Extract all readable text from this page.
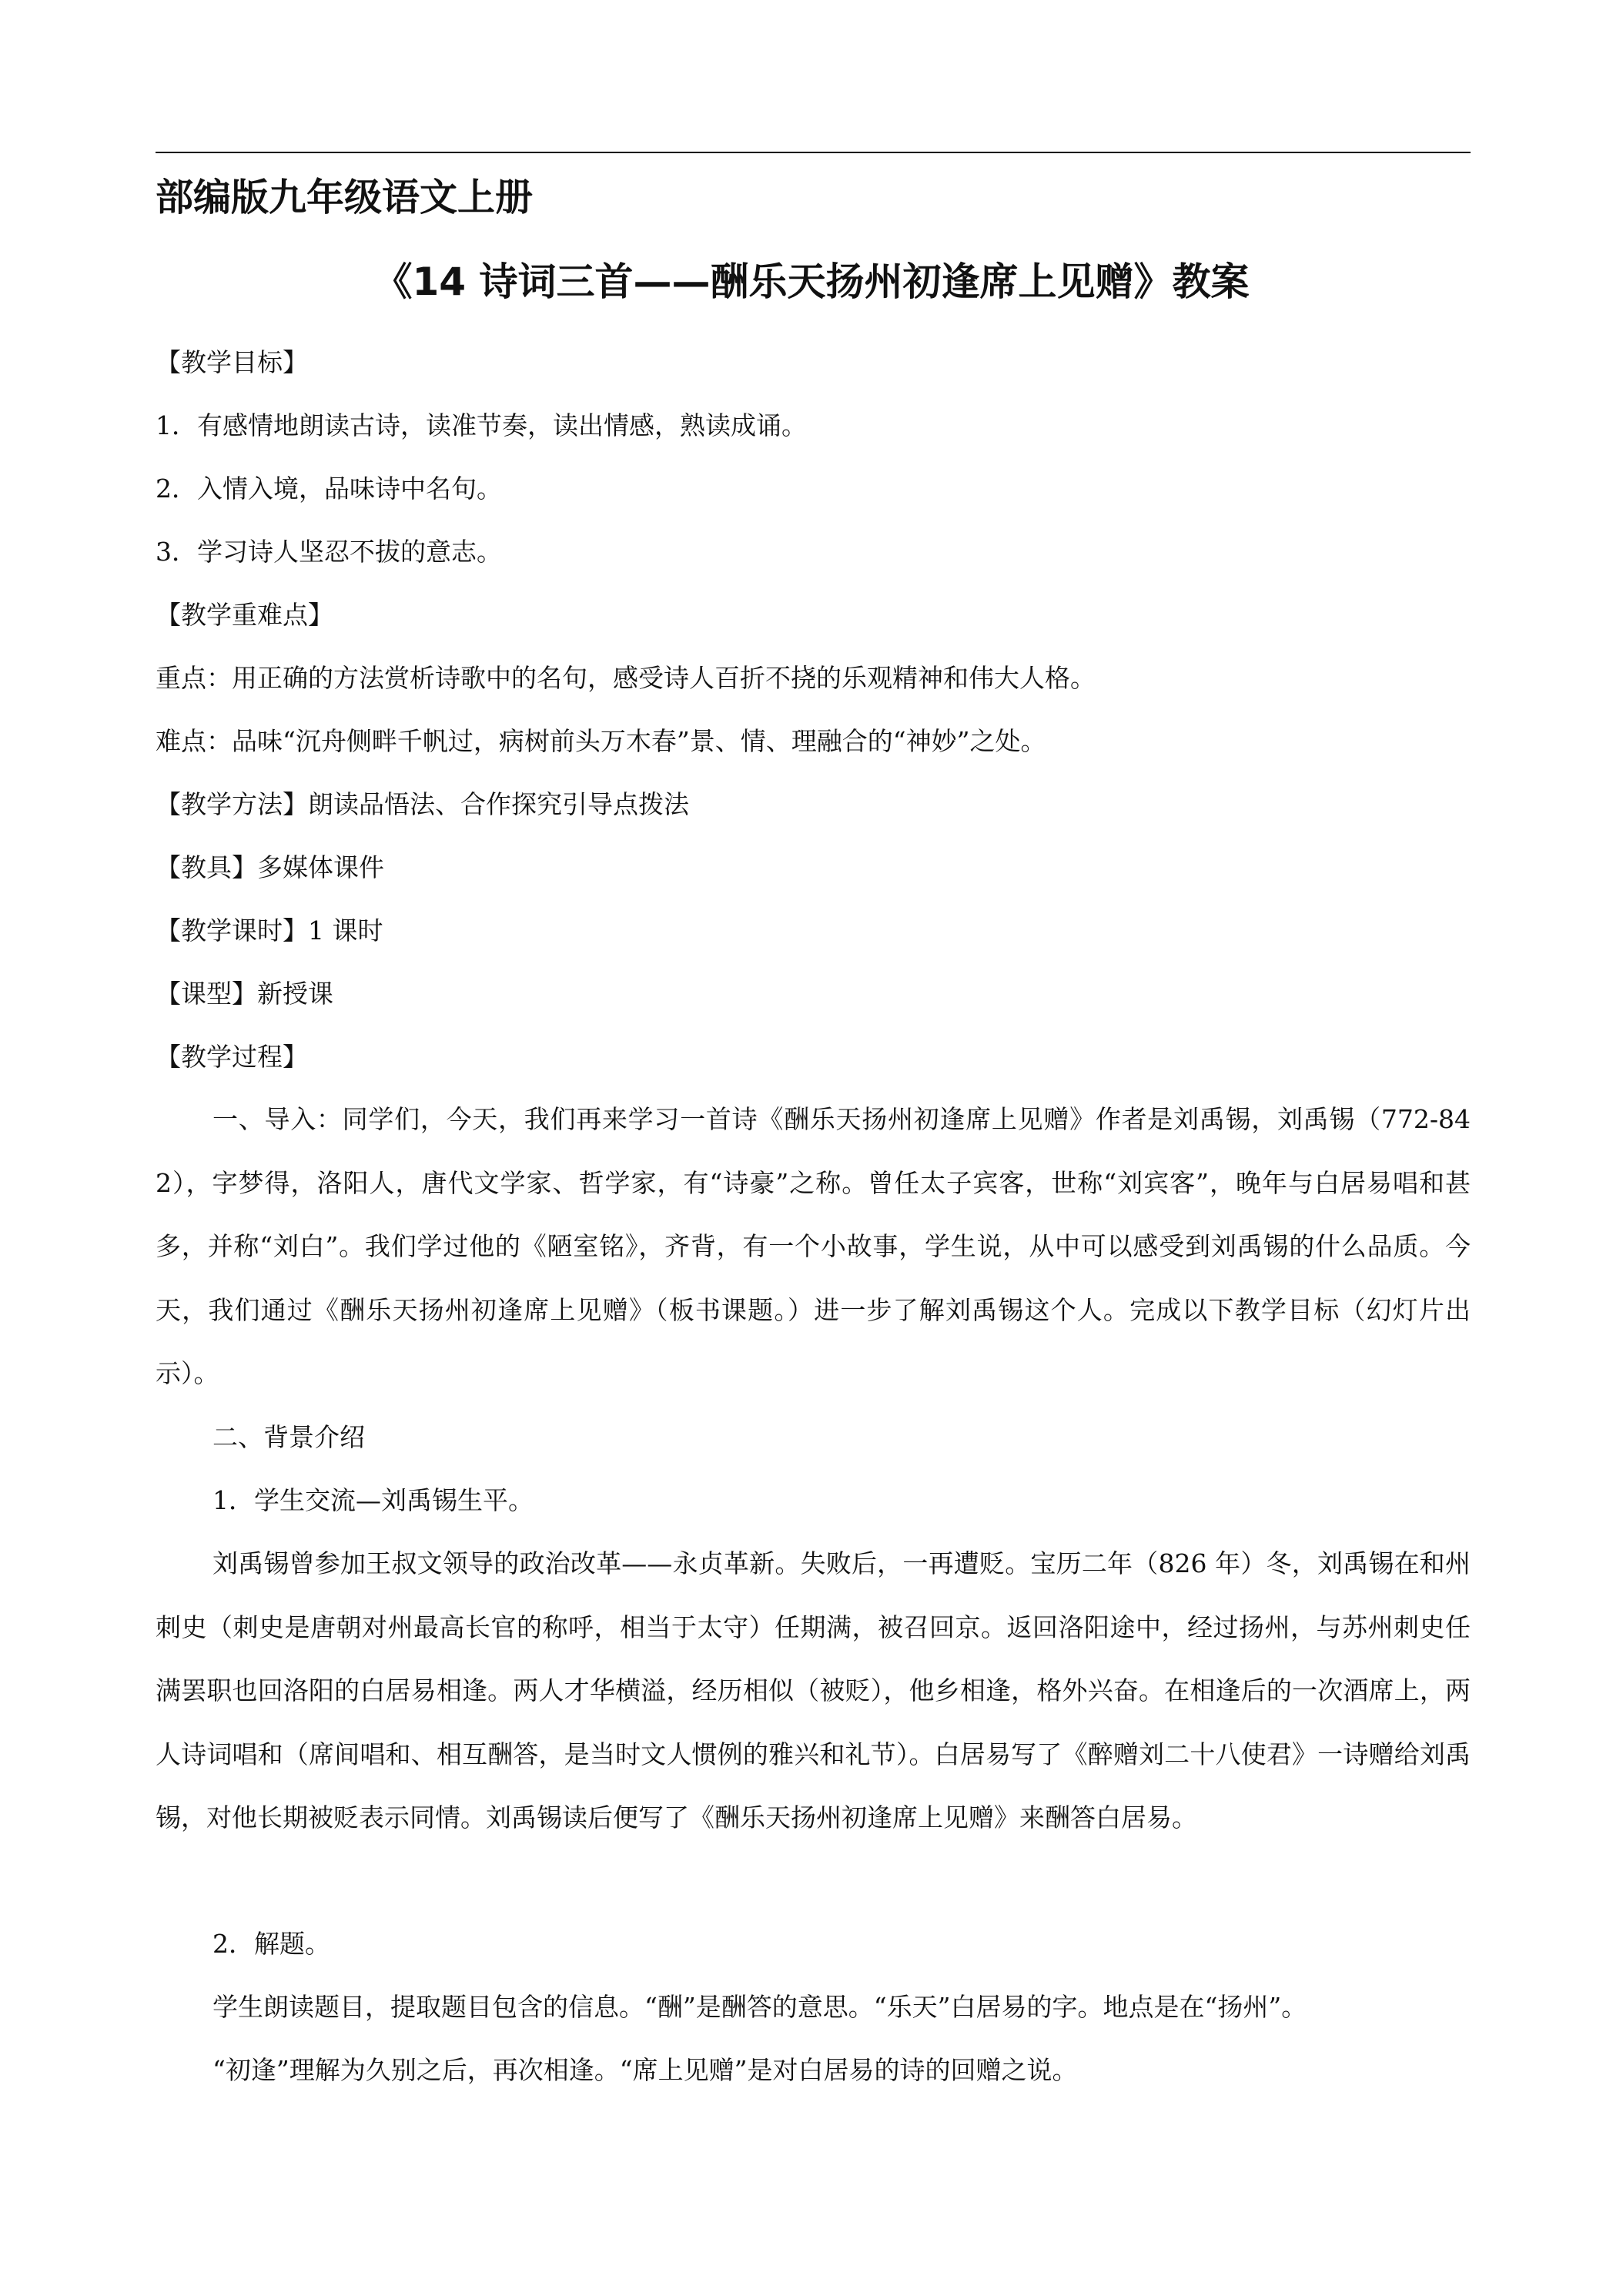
部编版九年级语文上册
《14 诗词三首——酬乐天扬州初逢席上见赠》教案
【教学目标】
1．有感情地朗读古诗，读准节奏，读出情感，熟读成诵。
2．入情入境，品味诗中名句。
3．学习诗人坚忍不拔的意志。
【教学重难点】
重点：用正确的方法赏析诗歌中的名句，感受诗人百折不挠的乐观精神和伟大人格。
难点：品味“沉舟侧畔千帆过，病树前头万木春”景、情、理融合的“神妙”之处。
【教学方法】朗读品悟法、合作探究引导点拨法
【教具】多媒体课件
【教学课时】1 课时
【课型】新授课
【教学过程】
一、导入：同学们，今天，我们再来学习一首诗《酬乐天扬州初逢席上见赠》作者是刘禹锡，刘禹锡（772-842），字梦得，洛阳人，唐代文学家、哲学家，有“诗豪”之称。曾任太子宾客，世称“刘宾客”，晚年与白居易唱和甚多，并称“刘白”。我们学过他的《陋室铭》，齐背，有一个小故事，学生说，从中可以感受到刘禹锡的什么品质。今天，我们通过《酬乐天扬州初逢席上见赠》（板书课题。）进一步了解刘禹锡这个人。完成以下教学目标（幻灯片出示）。
二、背景介绍
1．学生交流—刘禹锡生平。
刘禹锡曾参加王叔文领导的政治改革——永贞革新。失败后，一再遭贬。宝历二年（826 年）冬，刘禹锡在和州刺史（刺史是唐朝对州最高长官的称呼，相当于太守）任期满，被召回京。返回洛阳途中，经过扬州，与苏州刺史任满罢职也回洛阳的白居易相逢。两人才华横溢，经历相似（被贬），他乡相逢，格外兴奋。在相逢后的一次酒席上，两人诗词唱和（席间唱和、相互酬答，是当时文人惯例的雅兴和礼节）。白居易写了《醉赠刘二十八使君》一诗赠给刘禹锡，对他长期被贬表示同情。刘禹锡读后便写了《酬乐天扬州初逢席上见赠》来酬答白居易。
2．解题。
学生朗读题目，提取题目包含的信息。“酬”是酬答的意思。“乐天”白居易的字。地点是在“扬州”。
“初逢”理解为久别之后，再次相逢。“席上见赠”是对白居易的诗的回赠之说。
